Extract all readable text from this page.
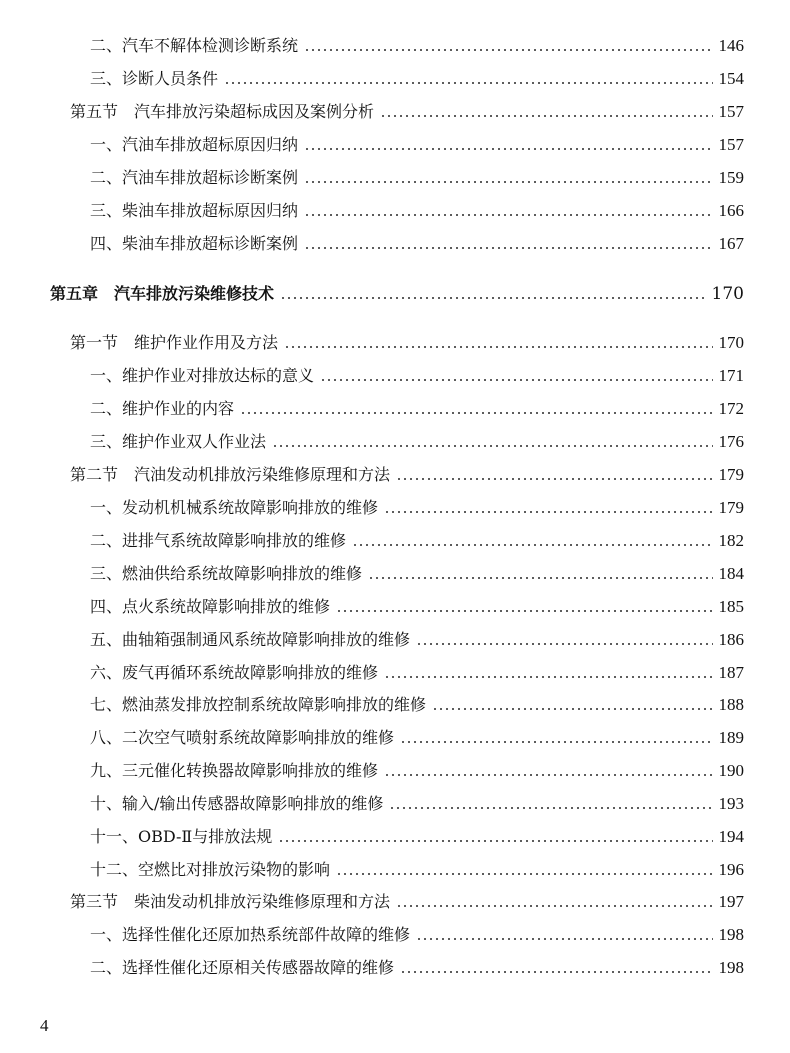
二、汽车不解体检测诊断系统	146
三、诊断人员条件	154
第五节　汽车排放污染超标成因及案例分析	157
一、汽油车排放超标原因归纳	157
二、汽油车排放超标诊断案例	159
三、柴油车排放超标原因归纳	166
四、柴油车排放超标诊断案例	167
第五章　汽车排放污染维修技术	170
第一节　维护作业作用及方法	170
一、维护作业对排放达标的意义	171
二、维护作业的内容	172
三、维护作业双人作业法	176
第二节　汽油发动机排放污染维修原理和方法	179
一、发动机机械系统故障影响排放的维修	179
二、进排气系统故障影响排放的维修	182
三、燃油供给系统故障影响排放的维修	184
四、点火系统故障影响排放的维修	185
五、曲轴箱强制通风系统故障影响排放的维修	186
六、废气再循环系统故障影响排放的维修	187
七、燃油蒸发排放控制系统故障影响排放的维修	188
八、二次空气喷射系统故障影响排放的维修	189
九、三元催化转换器故障影响排放的维修	190
十、输入/输出传感器故障影响排放的维修	193
十一、OBD-Ⅱ与排放法规	194
十二、空燃比对排放污染物的影响	196
第三节　柴油发动机排放污染维修原理和方法	197
一、选择性催化还原加热系统部件故障的维修	198
二、选择性催化还原相关传感器故障的维修	198
4
